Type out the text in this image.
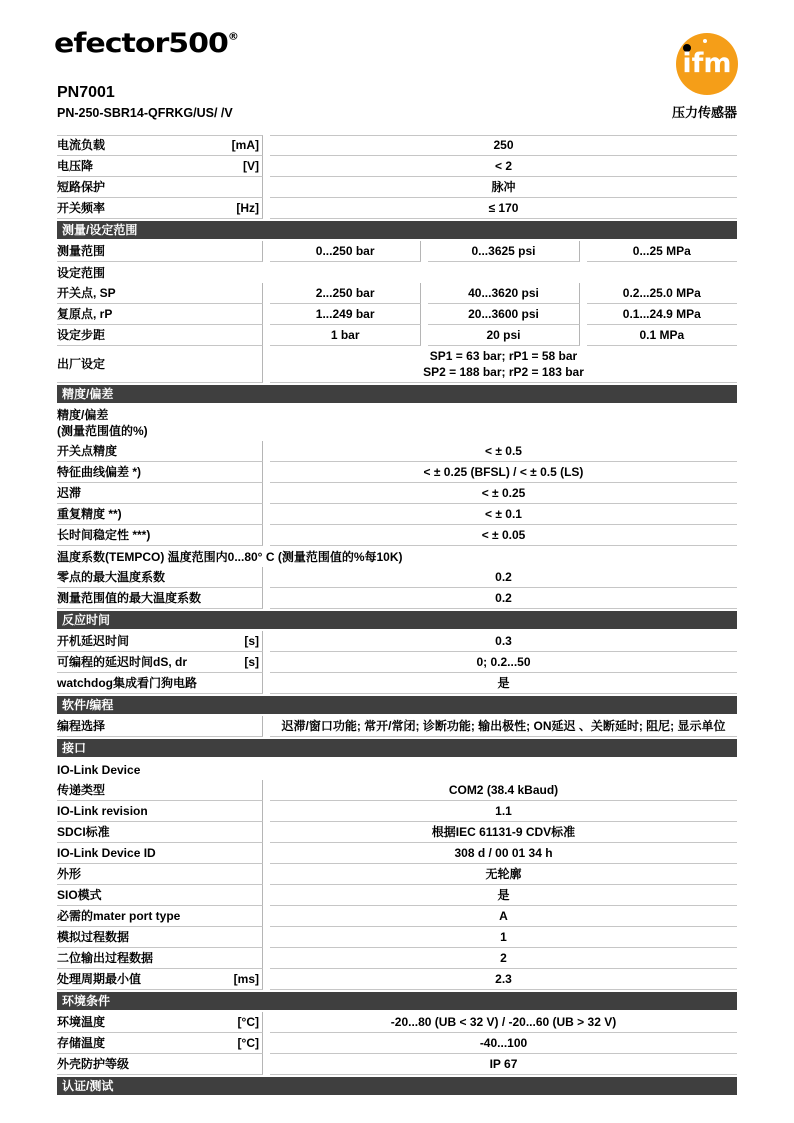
efector500®
PN7001
PN-250-SBR14-QFRKG/US/ /V
ifm
压力传感器
电流负载	[mA]	250
电压降	[V]	< 2
短路保护	脉冲
开关频率	[Hz]	≤ 170
测量/设定范围
测量范围	0...250 bar	0...3625 psi	0...25 MPa
设定范围
开关点, SP	2...250 bar	40...3620 psi	0.2...25.0 MPa
复原点, rP	1...249 bar	20...3600 psi	0.1...24.9 MPa
设定步距	1 bar	20 psi	0.1 MPa
出厂设定
SP1 = 63 bar; rP1 = 58 bar
SP2 = 188 bar; rP2 = 183 bar
精度/偏差
精度/偏差
(测量范围值的%)
开关点精度	< ± 0.5
特征曲线偏差 *)	< ± 0.25 (BFSL) / < ± 0.5 (LS)
迟滞	< ± 0.25
重复精度 **)	< ± 0.1
长时间稳定性 ***)	< ± 0.05
温度系数(TEMPCO) 温度范围内0...80° C (测量范围值的%每10K)
零点的最大温度系数	0.2
测量范围值的最大温度系数	0.2
反应时间
开机延迟时间	[s]	0.3
可编程的延迟时间dS, dr	[s]	0; 0.2...50
watchdog集成看门狗电路	是
软件/编程
编程选择	迟滞/窗口功能; 常开/常闭; 诊断功能; 输出极性; ON延迟 、关断延时; 阻尼; 显示单位
接口
IO-Link Device
传递类型	COM2 (38.4 kBaud)
IO-Link revision	1.1
SDCI标准	根据IEC 61131-9 CDV标准
IO-Link Device ID	308 d / 00 01 34 h
外形	无轮廓
SIO模式	是
必需的mater port type	A
模拟过程数据	1
二位输出过程数据	2
处理周期最小值	[ms]	2.3
环境条件
环境温度	[°C]	-20...80 (UB < 32 V) / -20...60 (UB > 32 V)
存储温度	[°C]	-40...100
外壳防护等级	IP 67
认证/测试
